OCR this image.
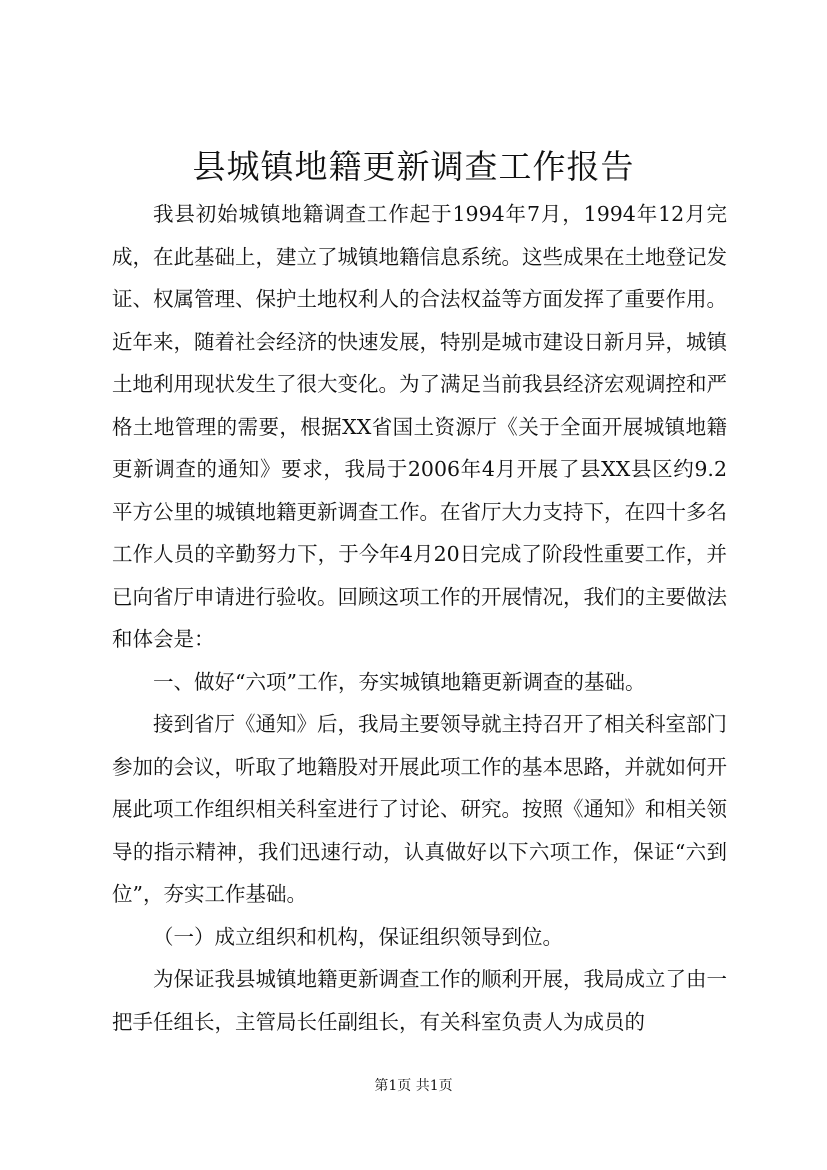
县城镇地籍更新调查工作报告

我县初始城镇地籍调查工作起于1994年7月，1994年12月完成，在此基础上，建立了城镇地籍信息系统。这些成果在土地登记发证、权属管理、保护土地权利人的合法权益等方面发挥了重要作用。近年来，随着社会经济的快速发展，特别是城市建设日新月异，城镇土地利用现状发生了很大变化。为了满足当前我县经济宏观调控和严格土地管理的需要，根据XX省国土资源厅《关于全面开展城镇地籍更新调查的通知》要求，我局于2006年4月开展了县XX县区约9.2平方公里的城镇地籍更新调查工作。在省厅大力支持下，在四十多名工作人员的辛勤努力下，于今年4月20日完成了阶段性重要工作，并已向省厅申请进行验收。回顾这项工作的开展情况，我们的主要做法和体会是：

一、做好“六项”工作，夯实城镇地籍更新调查的基础。

接到省厅《通知》后，我局主要领导就主持召开了相关科室部门参加的会议，听取了地籍股对开展此项工作的基本思路，并就如何开展此项工作组织相关科室进行了讨论、研究。按照《通知》和相关领导的指示精神，我们迅速行动，认真做好以下六项工作，保证“六到位”，夯实工作基础。

（一）成立组织和机构，保证组织领导到位。

为保证我县城镇地籍更新调查工作的顺利开展，我局成立了由一把手任组长，主管局长任副组长，有关科室负责人为成员的

第1页 共1页
